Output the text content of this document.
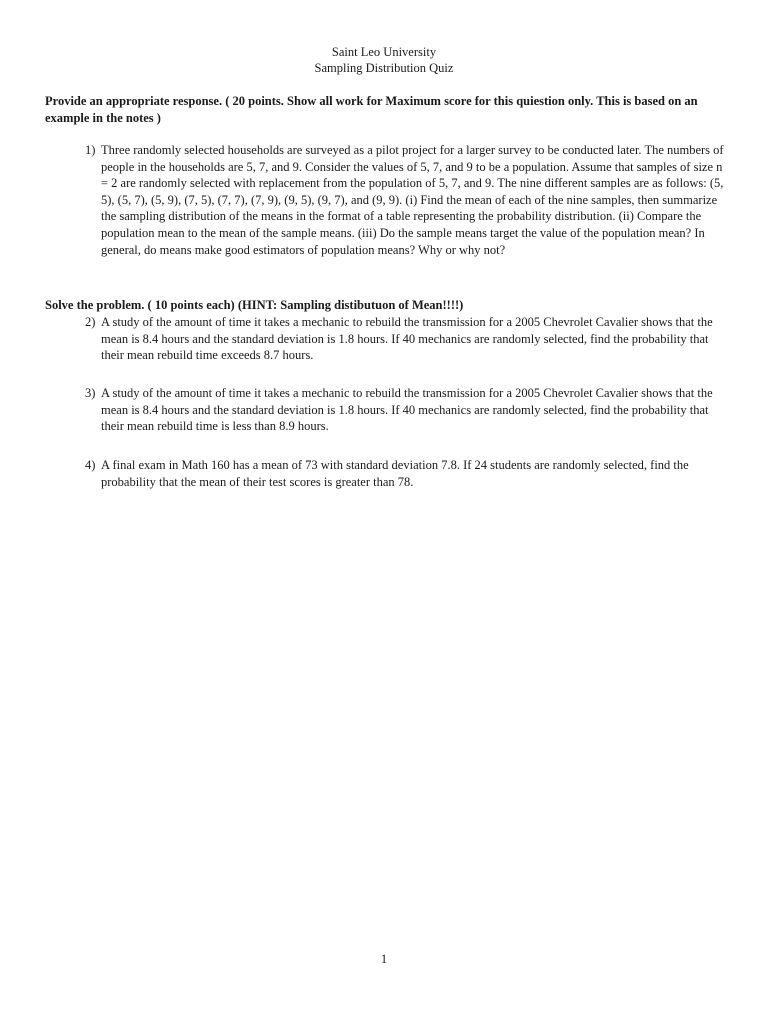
Saint Leo University
Sampling Distribution Quiz

Provide an appropriate response. ( 20 points. Show all work for Maximum score for this quiestion only. This is based on an example in the notes )

1) Three randomly selected households are surveyed as a pilot project for a larger survey to be conducted later. The numbers of people in the households are 5, 7, and 9. Consider the values of 5, 7, and 9 to be a population. Assume that samples of size n = 2 are randomly selected with replacement from the population of 5, 7, and 9. The nine different samples are as follows: (5, 5), (5, 7), (5, 9), (7, 5), (7, 7), (7, 9), (9, 5), (9, 7), and (9, 9). (i) Find the mean of each of the nine samples, then summarize the sampling distribution of the means in the format of a table representing the probability distribution. (ii) Compare the population mean to the mean of the sample means. (iii) Do the sample means target the value of the population mean? In general, do means make good estimators of population means? Why or why not?

Solve the problem. ( 10 points each) (HINT: Sampling distibutuon of Mean!!!!)

2) A study of the amount of time it takes a mechanic to rebuild the transmission for a 2005 Chevrolet Cavalier shows that the mean is 8.4 hours and the standard deviation is 1.8 hours. If 40 mechanics are randomly selected, find the probability that their mean rebuild time exceeds 8.7 hours.
3) A study of the amount of time it takes a mechanic to rebuild the transmission for a 2005 Chevrolet Cavalier shows that the mean is 8.4 hours and the standard deviation is 1.8 hours. If 40 mechanics are randomly selected, find the probability that their mean rebuild time is less than 8.9 hours.
4) A final exam in Math 160 has a mean of 73 with standard deviation 7.8. If 24 students are randomly selected, find the probability that the mean of their test scores is greater than 78.
1
